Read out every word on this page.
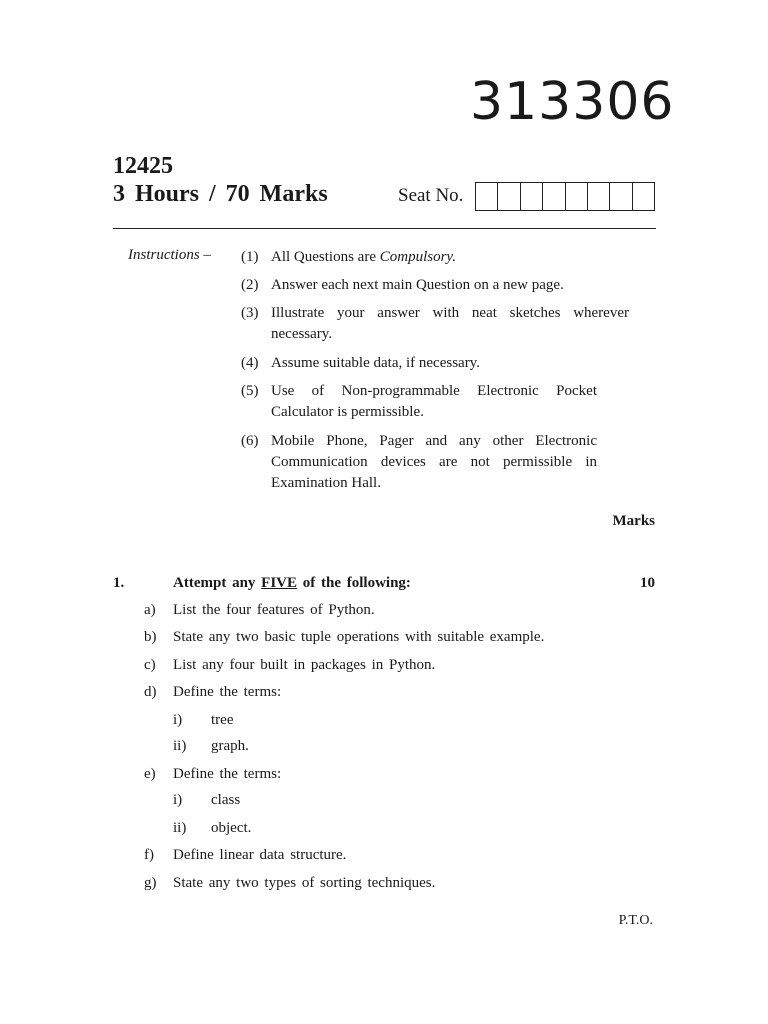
313306
12425
3 Hours / 70 Marks	Seat No.
Instructions – (1) All Questions are Compulsory.
(2) Answer each next main Question on a new page.
(3) Illustrate your answer with neat sketches wherever necessary.
(4) Assume suitable data, if necessary.
(5) Use of Non-programmable Electronic Pocket Calculator is permissible.
(6) Mobile Phone, Pager and any other Electronic Communication devices are not permissible in Examination Hall.
Marks
1.	Attempt any FIVE of the following:	10
a) List the four features of Python.
b) State any two basic tuple operations with suitable example.
c) List any four built in packages in Python.
d) Define the terms:
i) tree
ii) graph.
e) Define the terms:
i) class
ii) object.
f) Define linear data structure.
g) State any two types of sorting techniques.
P.T.O.
